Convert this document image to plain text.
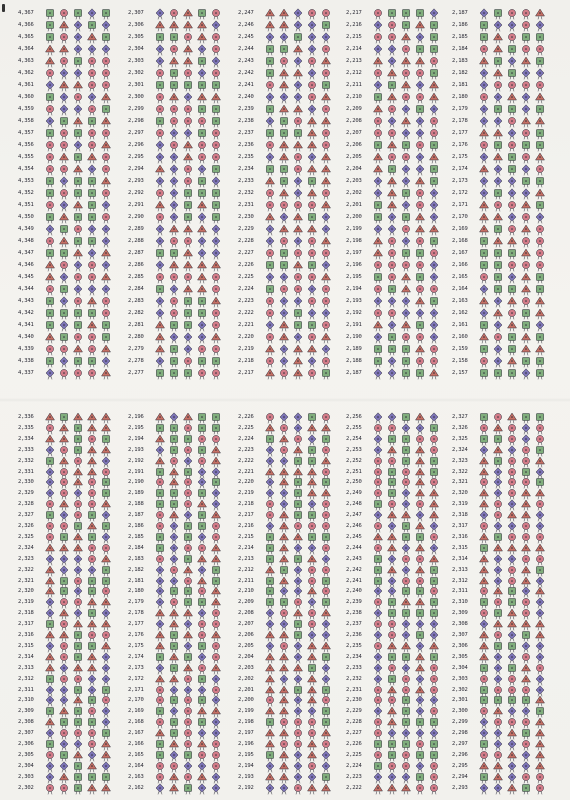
4,367
4,366
4,365
4,364
4,363
4,362
4,361
4,360
4,359
4,358
4,357
4,356
4,355
4,354
4,353
4,352
4,351
4,350
4,349
4,348
4,347
4,346
4,345
4,344
4,343
4,342
4,341
4,340
4,339
4,338
4,337
2,307
2,306
2,305
2,304
2,303
2,302
2,301
2,300
2,299
2,298
2,297
2,296
2,295
2,294
2,293
2,292
2,291
2,290
2,289
2,288
2,287
2,286
2,285
2,284
2,283
2,282
2,281
2,280
2,279
2,278
2,277
2,247
2,246
2,245
2,244
2,243
2,242
2,241
2,240
2,239
2,238
2,237
2,236
2,235
2,234
2,233
2,232
2,231
2,230
2,229
2,228
2,227
2,226
2,225
2,224
2,223
2,222
2,221
2,220
2,219
2,218
2,217
2,217
2,216
2,215
2,214
2,213
2,212
2,211
2,210
2,209
2,208
2,207
2,206
2,205
2,204
2,203
2,202
2,201
2,200
2,199
2,198
2,197
2,196
2,195
2,194
2,193
2,192
2,191
2,190
2,189
2,188
2,187
2,187
2,186
2,185
2,184
2,183
2,182
2,181
2,180
2,179
2,178
2,177
2,176
2,175
2,174
2,173
2,172
2,171
2,170
2,169
2,168
2,167
2,166
2,165
2,164
2,163
2,162
2,161
2,160
2,159
2,158
2,157
2,336
2,335
2,334
2,333
2,332
2,331
2,330
2,329
2,328
2,327
2,326
2,325
2,324
2,323
2,322
2,321
2,320
2,319
2,318
2,317
2,316
2,315
2,314
2,313
2,312
2,311
2,310
2,309
2,308
2,307
2,306
2,305
2,304
2,303
2,302
2,196
2,195
2,194
2,193
2,192
2,191
2,190
2,189
2,188
2,187
2,186
2,185
2,184
2,183
2,182
2,181
2,180
2,179
2,178
2,177
2,176
2,175
2,174
2,173
2,172
2,171
2,170
2,169
2,168
2,167
2,166
2,165
2,164
2,163
2,162
2,226
2,225
2,224
2,223
2,222
2,221
2,220
2,219
2,218
2,217
2,216
2,215
2,214
2,213
2,212
2,211
2,210
2,209
2,208
2,207
2,206
2,205
2,204
2,203
2,202
2,201
2,200
2,199
2,198
2,197
2,196
2,195
2,194
2,193
2,192
2,256
2,255
2,254
2,253
2,252
2,251
2,250
2,249
2,248
2,247
2,246
2,245
2,244
2,243
2,242
2,241
2,240
2,239
2,238
2,237
2,236
2,235
2,234
2,233
2,232
2,231
2,230
2,229
2,228
2,227
2,226
2,225
2,224
2,223
2,222
2,327
2,326
2,325
2,324
2,323
2,322
2,321
2,320
2,319
2,318
2,317
2,316
2,315
2,314
2,313
2,312
2,311
2,310
2,309
2,308
2,307
2,306
2,305
2,304
2,303
2,302
2,301
2,300
2,299
2,298
2,297
2,296
2,295
2,294
2,293
